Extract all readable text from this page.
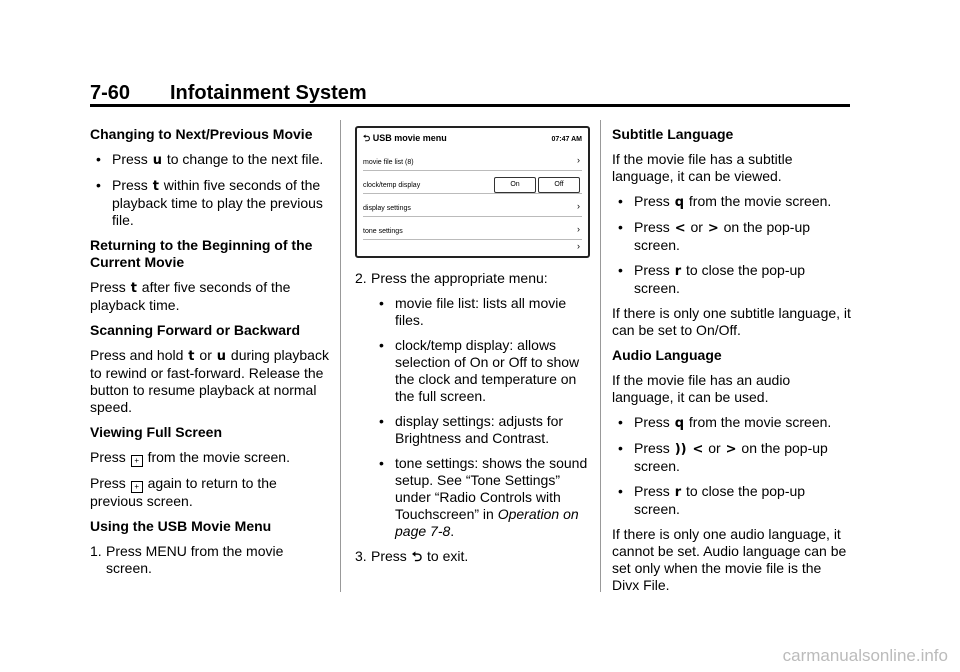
7-60 Infotainment System
Changing to Next/Previous Movie
• Press u to change to the next file.
• Press t within five seconds of the playback time to play the previous file.
Returning to the Beginning of the Current Movie
Press t after five seconds of the playback time.
Scanning Forward or Backward
Press and hold t or u during playback to rewind or fast-forward. Release the button to resume playback at normal speed.
Viewing Full Screen
Press + from the movie screen.
Press + again to return to the previous screen.
Using the USB Movie Menu
1. Press MENU from the movie screen.
⮌ USB movie menu	07:47 AM
movie file list (8)	›
clock/temp display	On	Off
display settings	›
tone settings	›
›
2. Press the appropriate menu:
• movie file list: lists all movie files.
• clock/temp display: allows selection of On or Off to show the clock and temperature on the full screen.
• display settings: adjusts for Brightness and Contrast.
• tone settings: shows the sound setup. See “Tone Settings” under “Radio Controls with Touchscreen” in Operation on page 7-8.
3. Press ⮌ to exit.
Subtitle Language
If the movie file has a subtitle language, it can be viewed.
• Press q from the movie screen.
• Press < or > on the pop-up screen.
• Press r to close the pop-up screen.
If there is only one subtitle language, it can be set to On/Off.
Audio Language
If the movie file has an audio language, it can be used.
• Press q from the movie screen.
• Press )) < or > on the pop-up screen.
• Press r to close the pop-up screen.
If there is only one audio language, it cannot be set. Audio language can be set only when the movie file is the Divx File.
carmanualsonline.info
